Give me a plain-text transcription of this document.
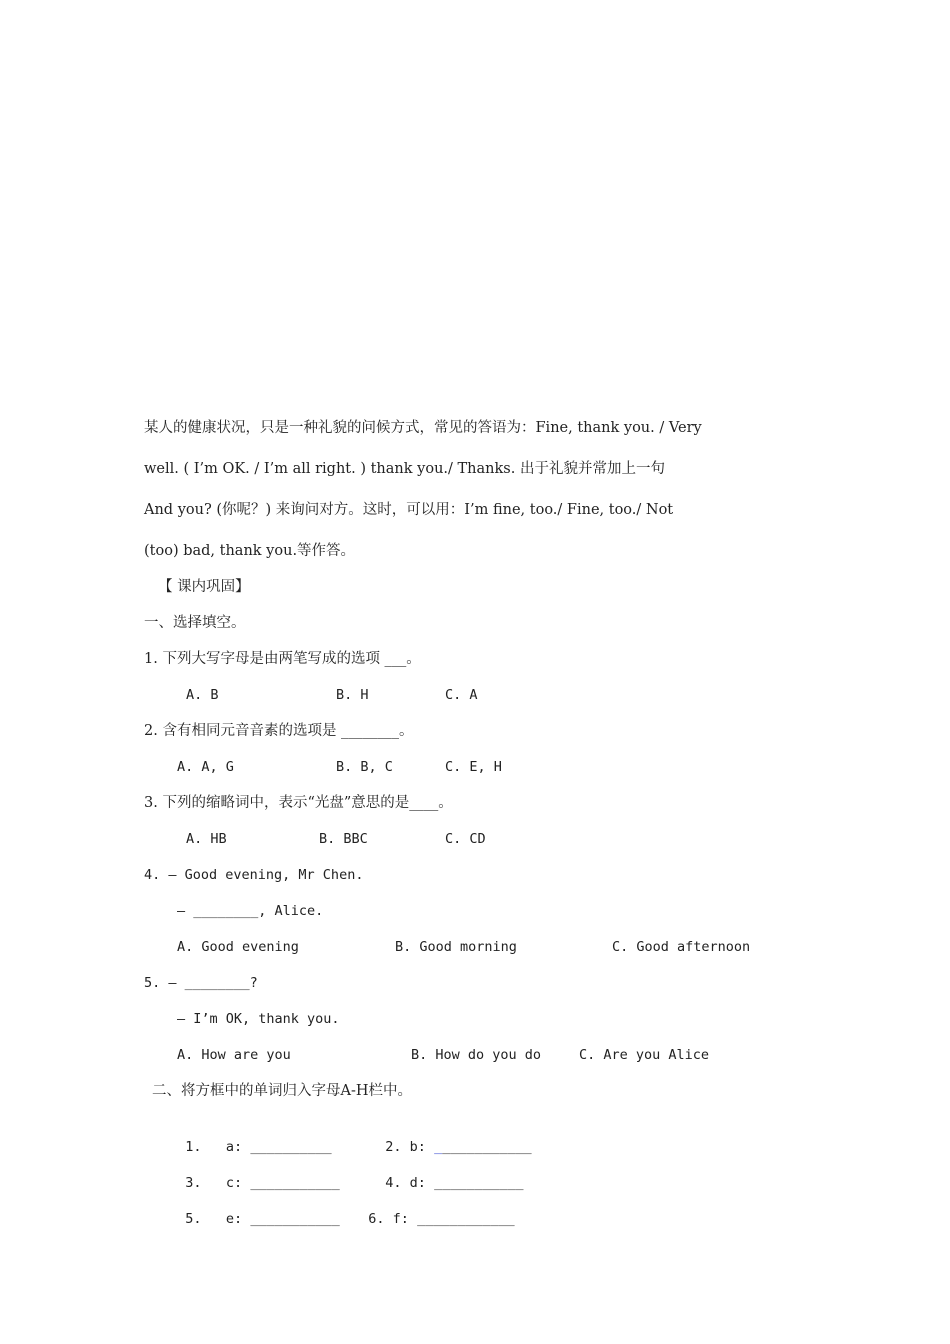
某人的健康状况，只是一种礼貌的问候方式，常见的答语为：Fine, thank you. / Very
well. ( I’m OK. / I’m all right. ) thank you./ Thanks. 出于礼貌并常加上一句
And you? (你呢？) 来询问对方。这时，可以用：I’m fine, too./ Fine, too./ Not
(too) bad, thank you.等作答。
【 课内巩固】
一、选择填空。
1. 下列大写字母是由两笔写成的选项 ___。
A. B	B. H	C. A
2. 含有相同元音音素的选项是 ________。
A. A, G	B. B, C	C. E, H
3. 下列的缩略词中，表示“光盘”意思的是____。
A. HB	B. BBC	C. CD
4. — Good evening, Mr Chen.
— ________, Alice.
A. Good evening	B. Good morning	C. Good afternoon
5. — ________?
— I’m OK, thank you.
A. How are you	B. How do you do	C. Are you Alice
二、将方框中的单词归入字母A-H栏中。

1. a: __________	2. b: ____________

3. c: ___________	4. d: ___________

5. e: ___________	6. f: ____________
